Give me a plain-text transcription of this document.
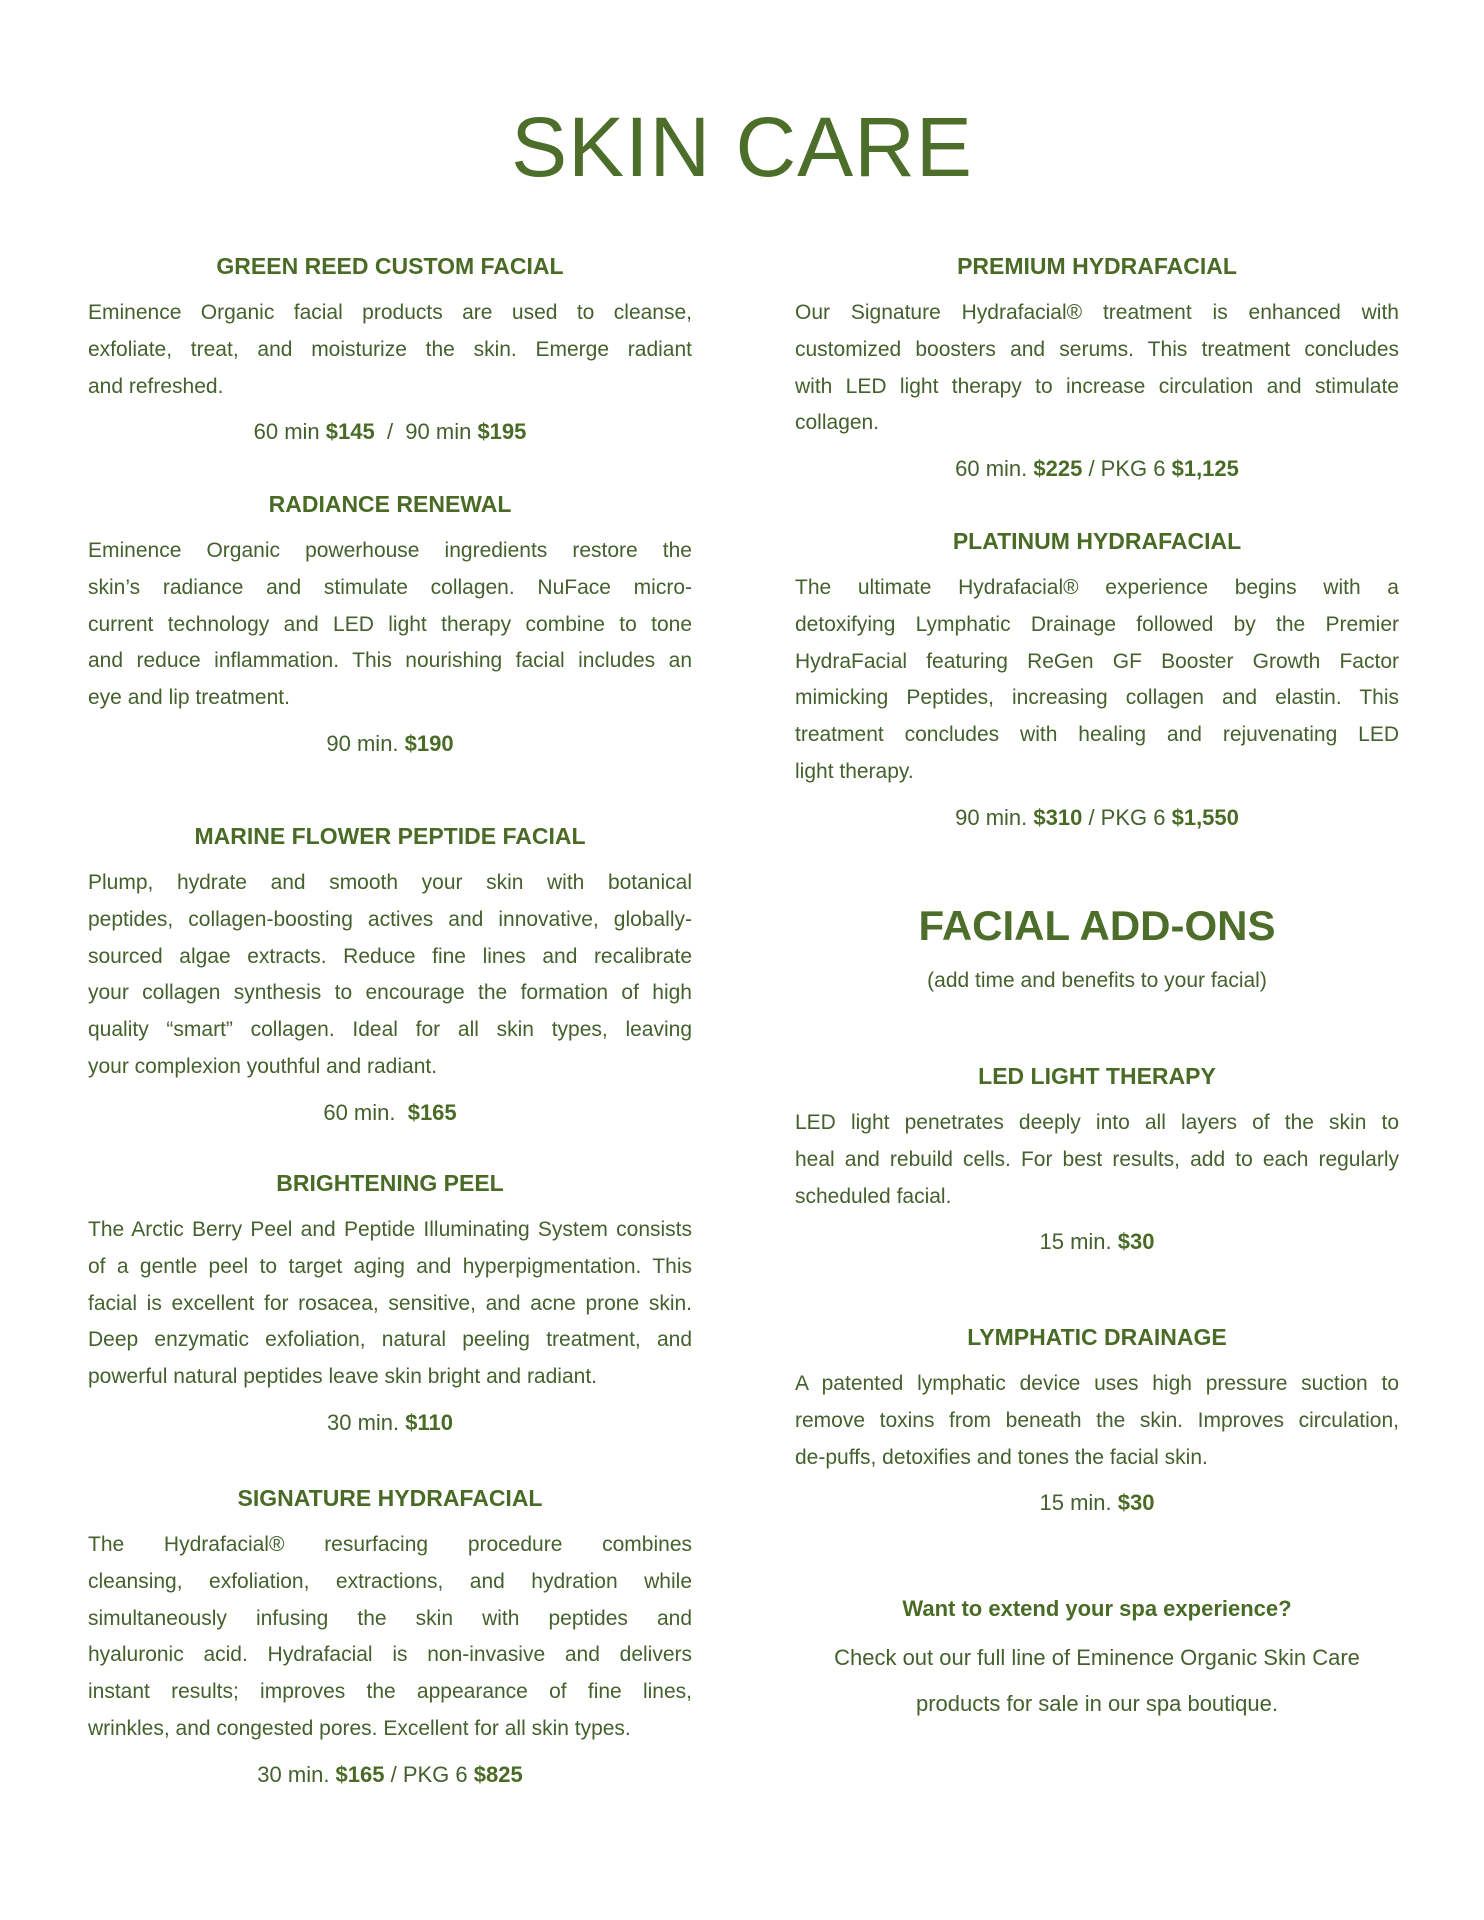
SKIN CARE
GREEN REED CUSTOM FACIAL
Eminence Organic facial products are used to cleanse,
exfoliate, treat, and moisturize the skin. Emerge radiant
and refreshed.
60 min $145  /  90 min $195
RADIANCE RENEWAL
Eminence Organic powerhouse ingredients restore the
skin’s radiance and stimulate collagen. NuFace micro-
current technology and LED light therapy combine to tone
and reduce inflammation. This nourishing facial includes an
eye and lip treatment.
90 min. $190
MARINE FLOWER PEPTIDE FACIAL
Plump, hydrate and smooth your skin with botanical
peptides, collagen-boosting actives and innovative, globally-
sourced algae extracts. Reduce fine lines and recalibrate
your collagen synthesis to encourage the formation of high
quality “smart” collagen. Ideal for all skin types, leaving
your complexion youthful and radiant.
60 min.  $165
BRIGHTENING PEEL
The Arctic Berry Peel and Peptide Illuminating System consists
of a gentle peel to target aging and hyperpigmentation. This
facial is excellent for rosacea, sensitive, and acne prone skin.
Deep enzymatic exfoliation, natural peeling treatment, and
powerful natural peptides leave skin bright and radiant.
30 min. $110
SIGNATURE HYDRAFACIAL
The Hydrafacial® resurfacing procedure combines
cleansing, exfoliation, extractions, and hydration while
simultaneously infusing the skin with peptides and
hyaluronic acid. Hydrafacial is non-invasive and delivers
instant results; improves the appearance of fine lines,
wrinkles, and congested pores. Excellent for all skin types.
30 min. $165 / PKG 6 $825
FACIAL ADD-ONS
(add time and benefits to your facial)
Want to extend your spa experience?
Check out our full line of Eminence Organic Skin Care
products for sale in our spa boutique.
PREMIUM HYDRAFACIAL
Our Signature Hydrafacial® treatment is enhanced with
customized boosters and serums. This treatment concludes
with LED light therapy to increase circulation and stimulate
collagen.
60 min. $225 / PKG 6 $1,125
PLATINUM HYDRAFACIAL
The ultimate Hydrafacial® experience begins with a
detoxifying Lymphatic Drainage followed by the Premier
HydraFacial featuring ReGen GF Booster Growth Factor
mimicking Peptides, increasing collagen and elastin. This
treatment concludes with healing and rejuvenating LED
light therapy.
90 min. $310 / PKG 6 $1,550
LED LIGHT THERAPY
LED light penetrates deeply into all layers of the skin to
heal and rebuild cells. For best results, add to each regularly
scheduled facial.
15 min. $30
LYMPHATIC DRAINAGE
A patented lymphatic device uses high pressure suction to
remove toxins from beneath the skin. Improves circulation,
de-puffs, detoxifies and tones the facial skin.
15 min. $30
